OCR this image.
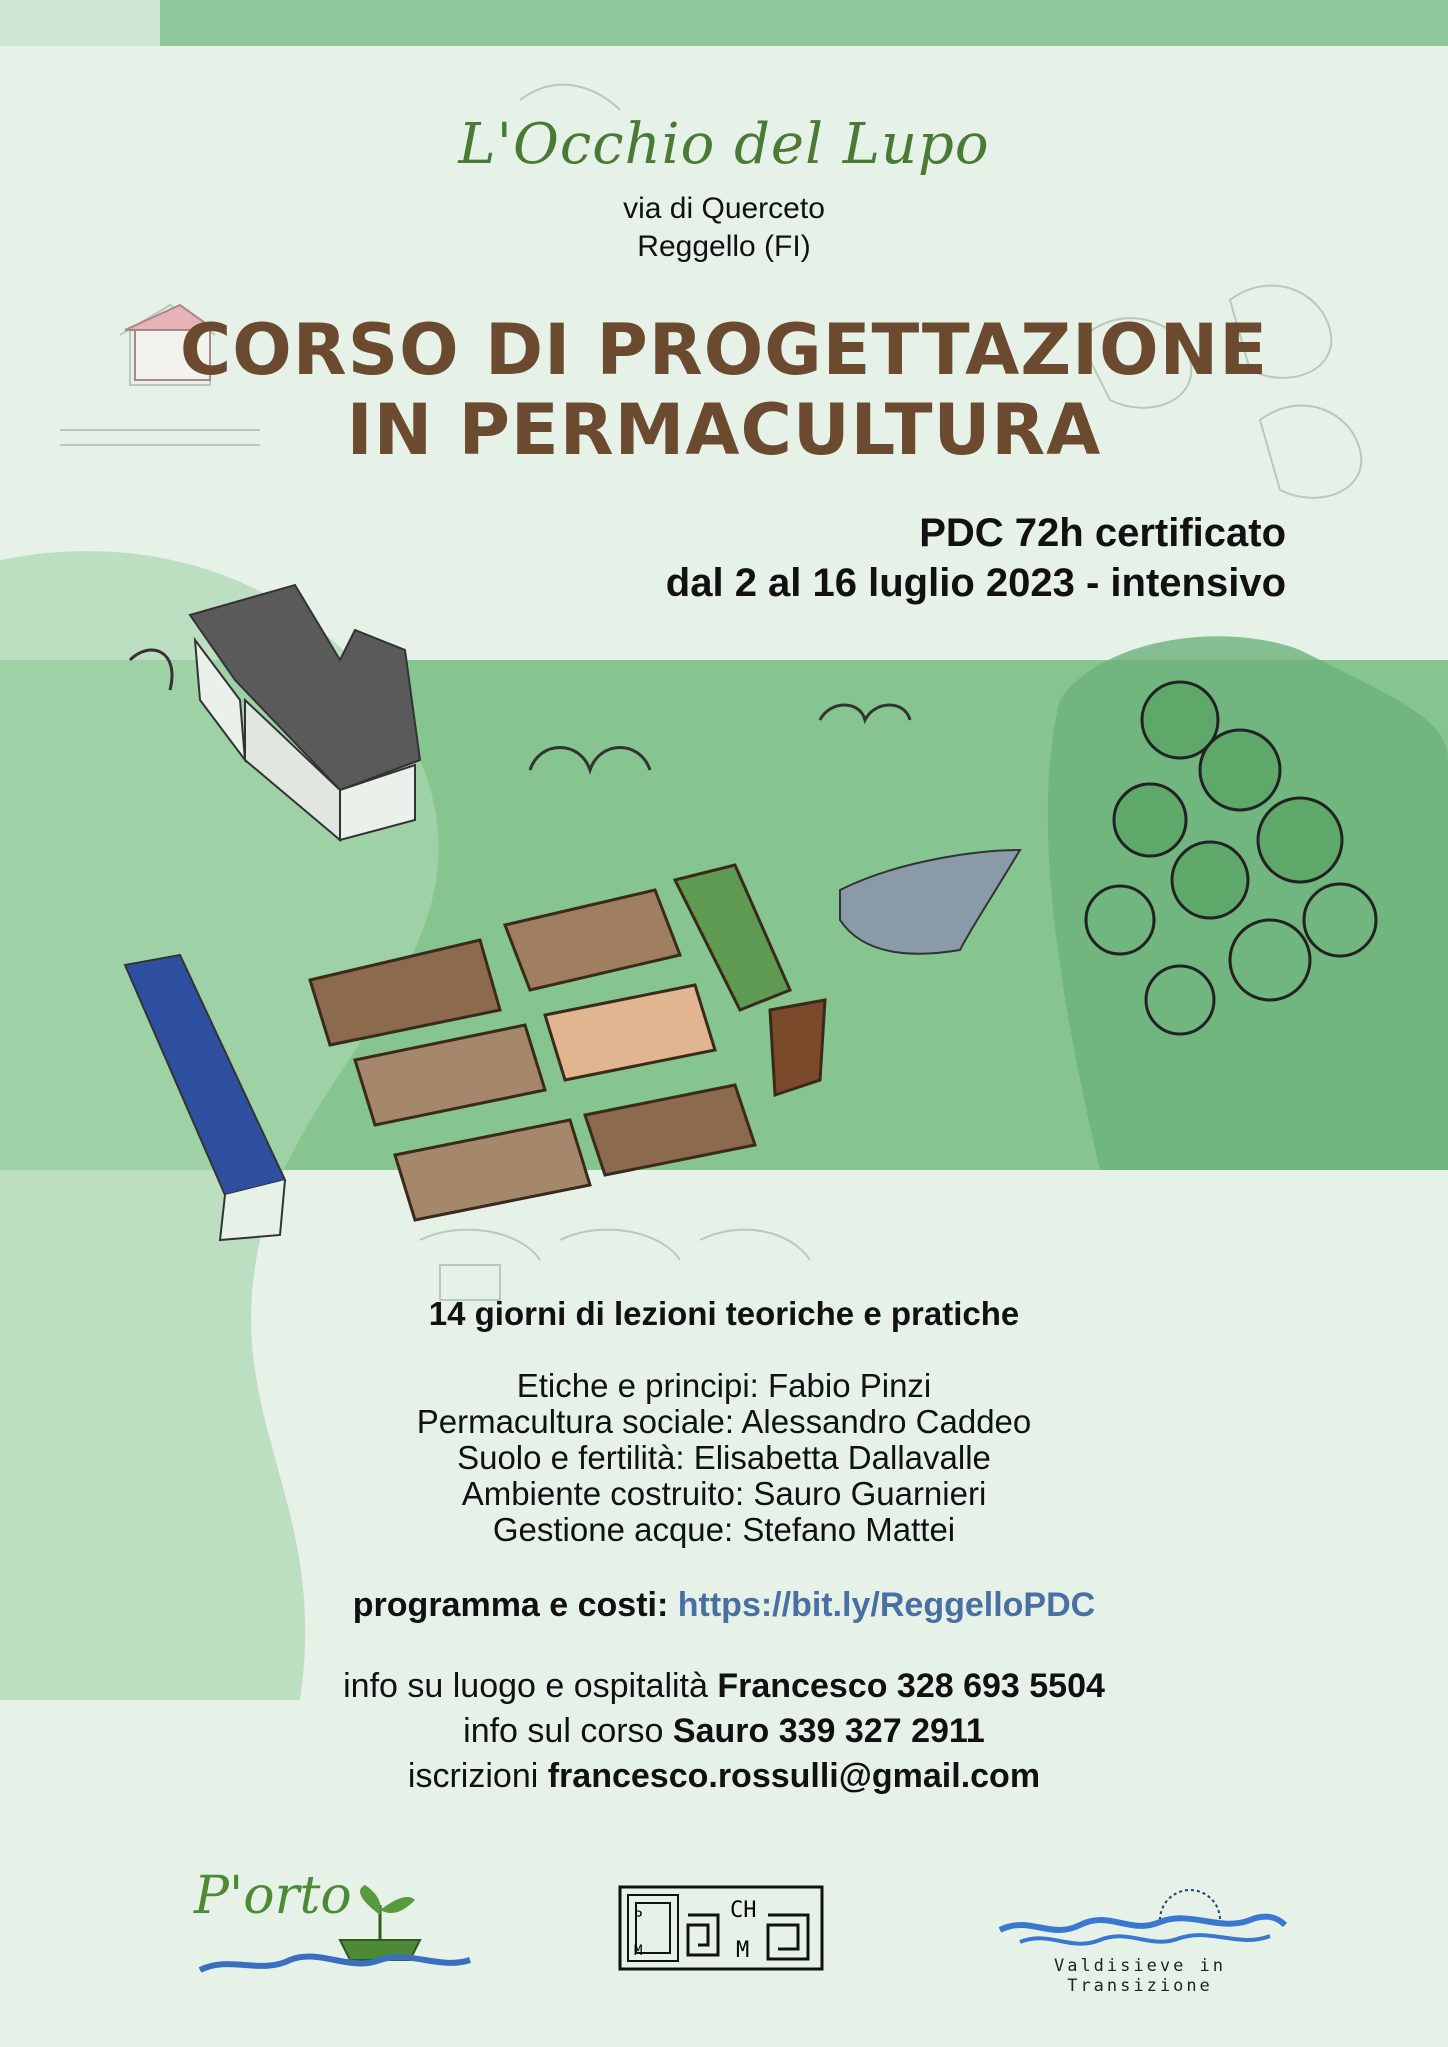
L'Occhio del Lupo
via di Querceto
Reggello (FI)
CORSO DI PROGETTAZIONE
IN PERMACULTURA
PDC 72h certificato
dal 2 al 16 luglio 2023 - intensivo
14 giorni di lezioni teoriche e pratiche
Etiche e principi: Fabio Pinzi
Permacultura sociale: Alessandro Caddeo
Suolo e fertilità: Elisabetta Dallavalle
Ambiente costruito: Sauro Guarnieri
Gestione acque: Stefano Mattei
programma e costi: https://bit.ly/ReggelloPDC
info su luogo e ospitalità Francesco 328 693 5504
info sul corso Sauro 339 327 2911
iscrizioni francesco.rossulli@gmail.com
P'orto	P
M
CH
M
Valdisieve in Transizione
